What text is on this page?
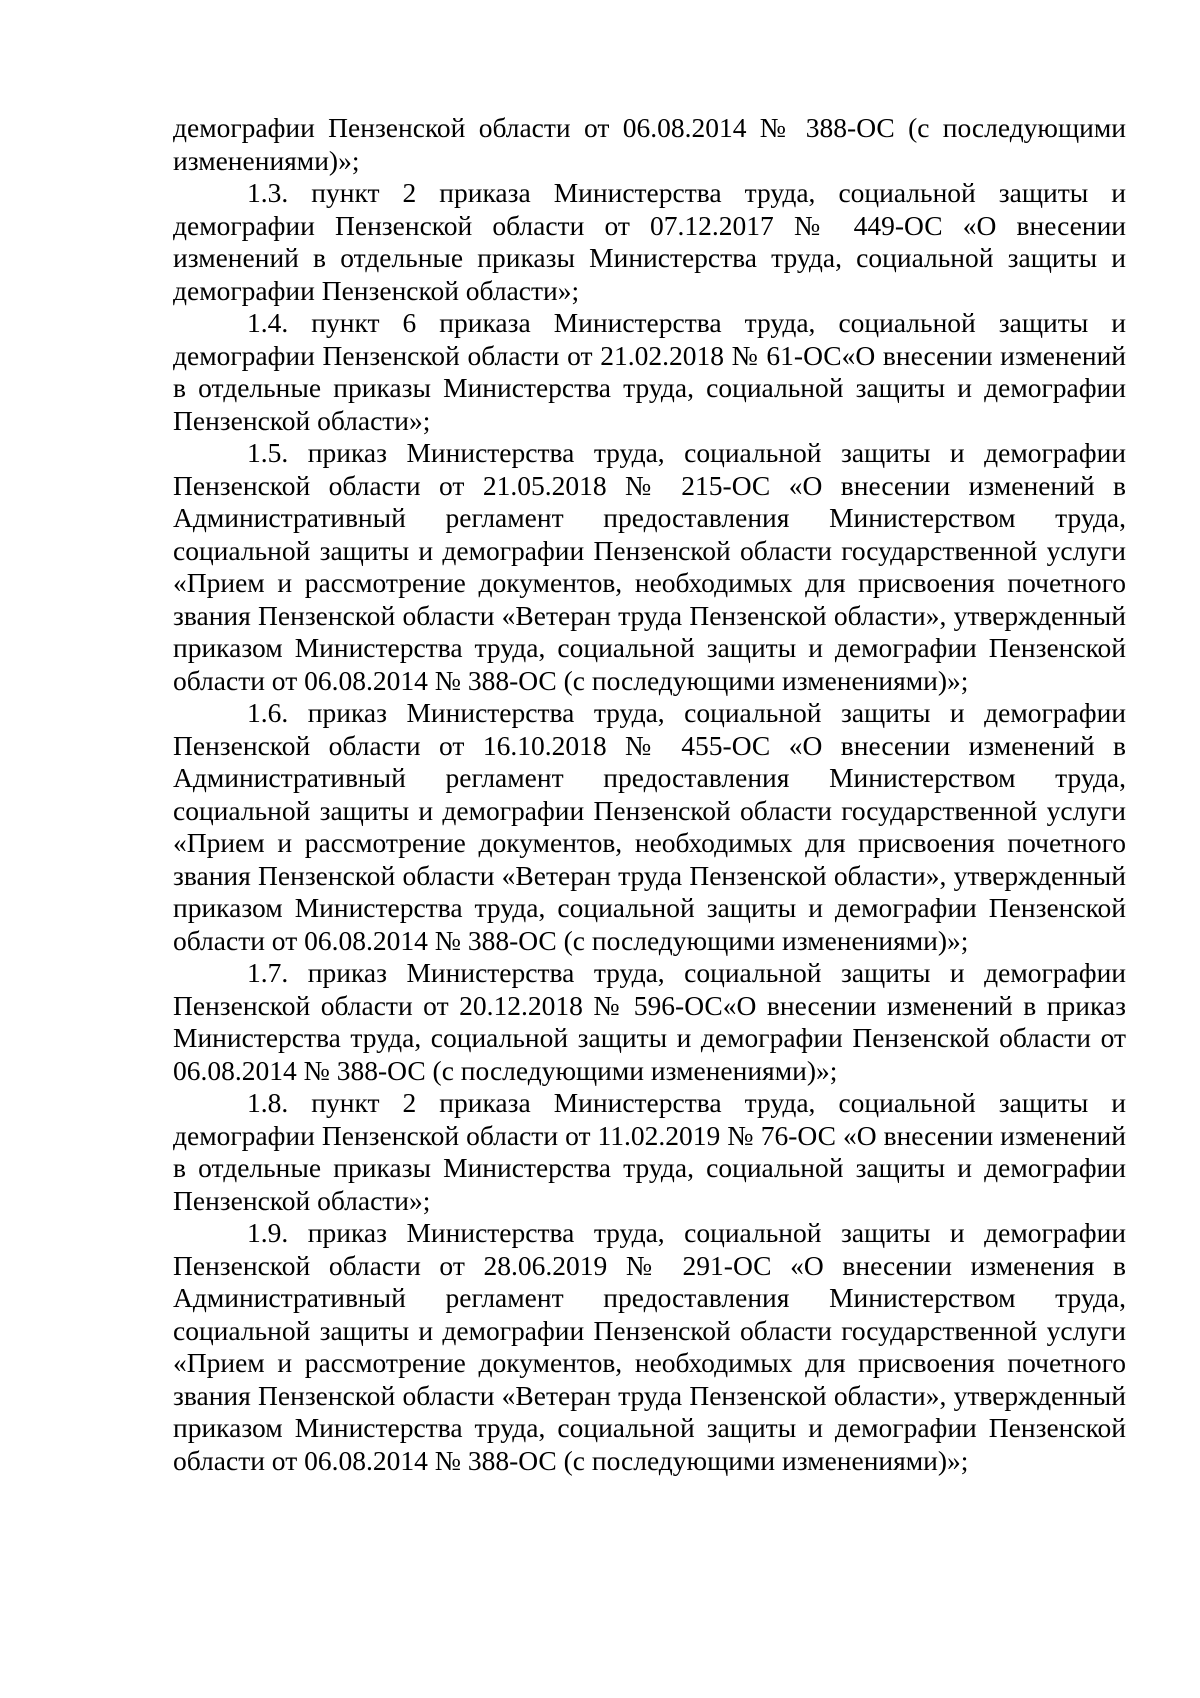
демографии Пензенской области от 06.08.2014 № 388-ОС (с последующими изменениями)»;

1.3. пункт 2 приказа Министерства труда, социальной защиты и демографии Пензенской области от 07.12.2017 № 449-ОС «О внесении изменений в отдельные приказы Министерства труда, социальной защиты и демографии Пензенской области»;

1.4. пункт 6 приказа Министерства труда, социальной защиты и демографии Пензенской области от 21.02.2018 № 61-ОС«О внесении изменений в отдельные приказы Министерства труда, социальной защиты и демографии Пензенской области»;

1.5. приказ Министерства труда, социальной защиты и демографии Пензенской области от 21.05.2018 № 215-ОС «О внесении изменений в Административный регламент предоставления Министерством труда, социальной защиты и демографии Пензенской области государственной услуги «Прием и рассмотрение документов, необходимых для присвоения почетного звания Пензенской области «Ветеран труда Пензенской области», утвержденный приказом Министерства труда, социальной защиты и демографии Пензенской области от 06.08.2014 № 388-ОС (с последующими изменениями)»;

1.6. приказ Министерства труда, социальной защиты и демографии Пензенской области от 16.10.2018 № 455-ОС «О внесении изменений в Административный регламент предоставления Министерством труда, социальной защиты и демографии Пензенской области государственной услуги «Прием и рассмотрение документов, необходимых для присвоения почетного звания Пензенской области «Ветеран труда Пензенской области», утвержденный приказом Министерства труда, социальной защиты и демографии Пензенской области от 06.08.2014 № 388-ОС (с последующими изменениями)»;

1.7. приказ Министерства труда, социальной защиты и демографии Пензенской области от 20.12.2018 № 596-ОС«О внесении изменений в приказ Министерства труда, социальной защиты и демографии Пензенской области от 06.08.2014 № 388-ОС (с последующими изменениями)»;

1.8. пункт 2 приказа Министерства труда, социальной защиты и демографии Пензенской области от 11.02.2019 № 76-ОС «О внесении изменений в отдельные приказы Министерства труда, социальной защиты и демографии Пензенской области»;

1.9. приказ Министерства труда, социальной защиты и демографии Пензенской области от 28.06.2019 № 291-ОС «О внесении изменения в Административный регламент предоставления Министерством труда, социальной защиты и демографии Пензенской области государственной услуги «Прием и рассмотрение документов, необходимых для присвоения почетного звания Пензенской области «Ветеран труда Пензенской области», утвержденный приказом Министерства труда, социальной защиты и демографии Пензенской области от 06.08.2014 № 388-ОС (с последующими изменениями)»;
